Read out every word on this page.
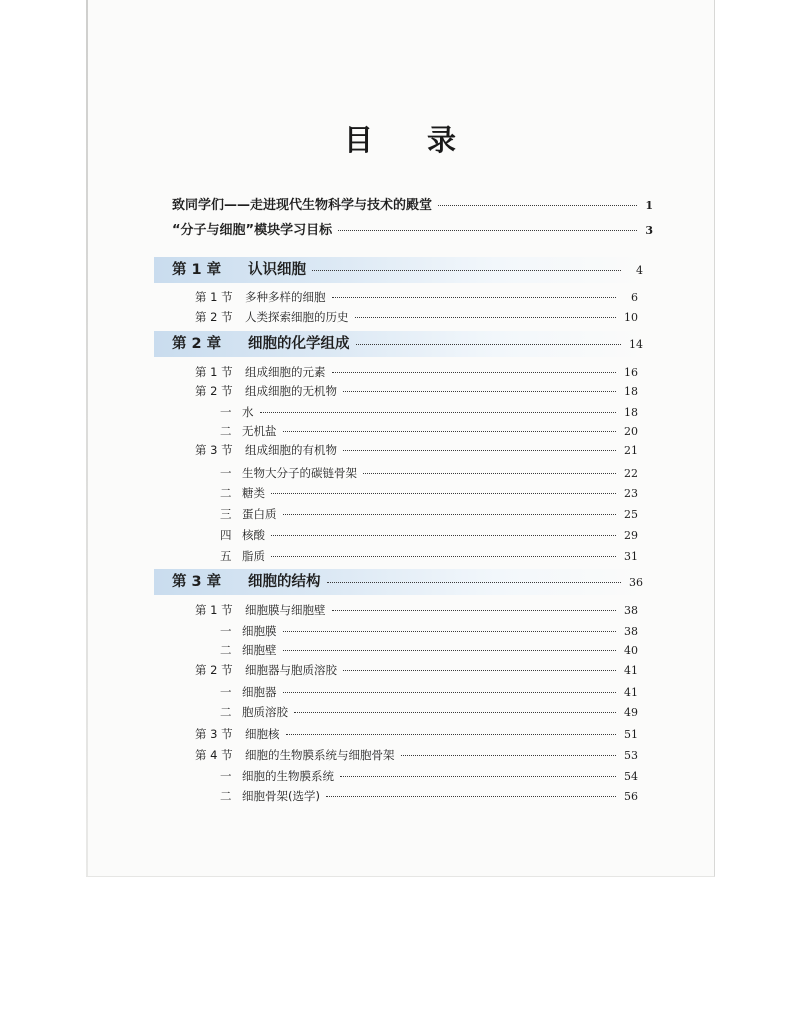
目 录
致同学们——走进现代生物科学与技术的殿堂	1
“分子与细胞”模块学习目标	3
第 1 章	认识细胞	4
第 1 节	多种多样的细胞	6
第 2 节	人类探索细胞的历史	10
第 2 章	细胞的化学组成	14
第 1 节	组成细胞的元素	16
第 2 节	组成细胞的无机物	18
一 水	18
二 无机盐	20
第 3 节	组成细胞的有机物	21
一 生物大分子的碳链骨架	22
二 糖类	23
三 蛋白质	25
四 核酸	29
五 脂质	31
第 3 章	细胞的结构	36
第 1 节	细胞膜与细胞壁	38
一 细胞膜	38
二 细胞壁	40
第 2 节	细胞器与胞质溶胶	41
一 细胞器	41
二 胞质溶胶	49
第 3 节	细胞核	51
第 4 节	细胞的生物膜系统与细胞骨架	53
一 细胞的生物膜系统	54
二 细胞骨架(选学)	56
